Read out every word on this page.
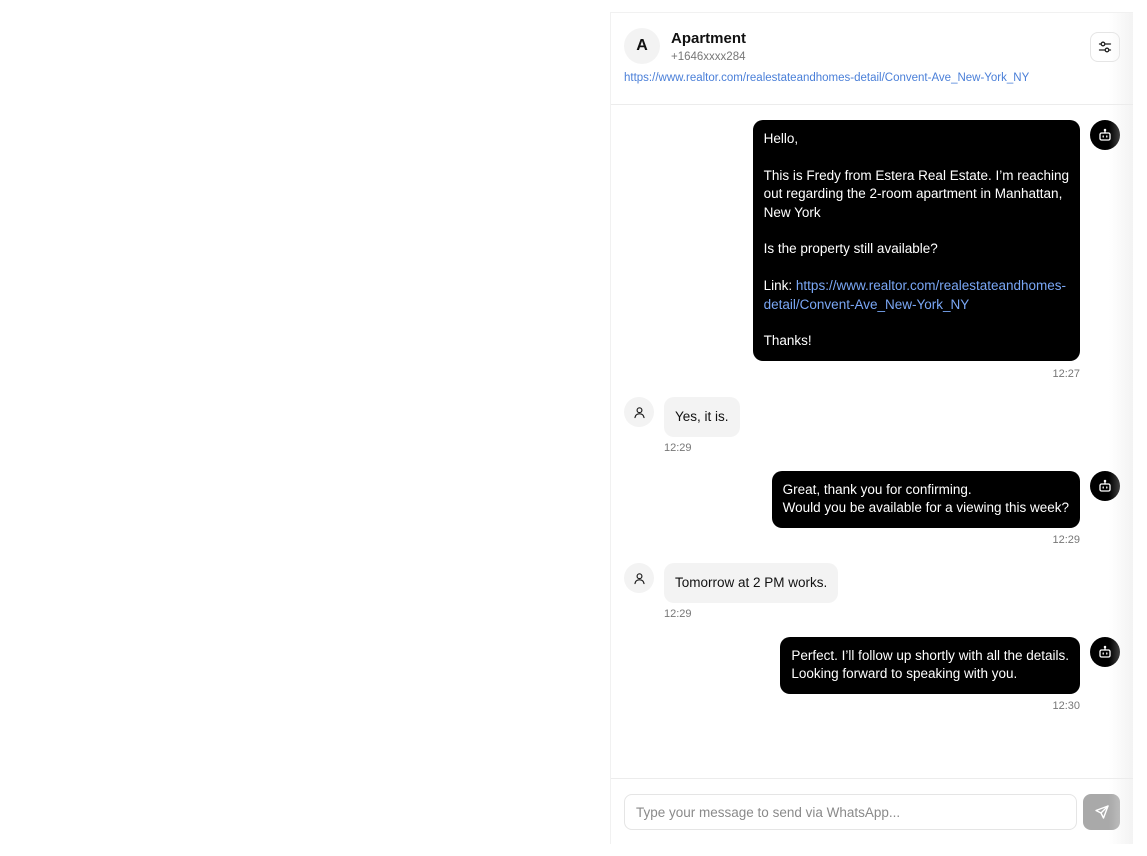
A	Apartment
+1646xxxx284
https://www.realtor.com/realestateandhomes-detail/Convent-Ave_New-York_NY

Hello,

This is Fredy from Estera Real Estate. I’m reaching

out regarding the 2-room apartment in Manhattan,

New York

Is the property still available?

Link: https://www.realtor.com/realestateandhomes-

detail/Convent-Ave_New-York_NY

Thanks!

12:27
Yes, it is.
12:29

Great, thank you for confirming.

Would you be available for a viewing this week?

12:29
Tomorrow at 2 PM works.
12:29

Perfect. I’ll follow up shortly with all the details.

Looking forward to speaking with you.

12:30
Type your message to send via WhatsApp...
